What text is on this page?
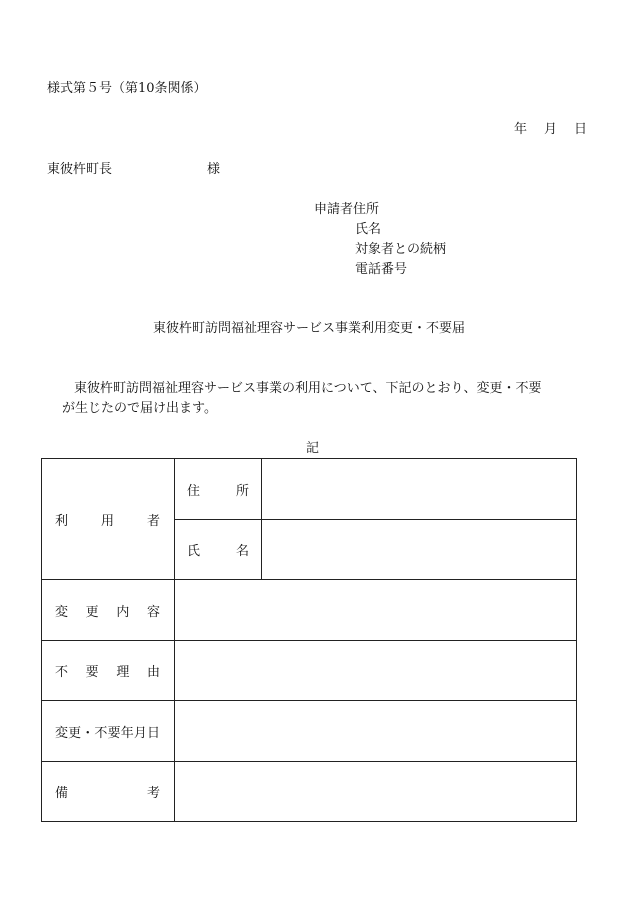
様式第５号（第10条関係）
年　月　日
東彼杵町長	様
申請者住所
氏名
対象者との続柄
電話番号
東彼杵町訪問福祉理容サービス事業利用変更・不要届
東彼杵町訪問福祉理容サービス事業の利用について、下記のとおり、変更・不要
が生じたので届け出ます。
記
利　用　者	住　所	

	氏　名	

変　更　内　容		

不　要　理　由		

変更・不要年月日		

備　考		
